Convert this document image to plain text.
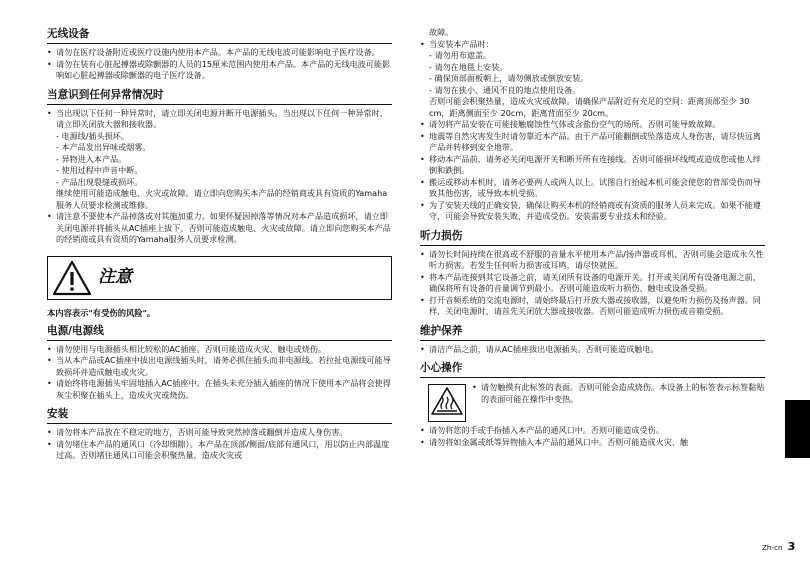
无线设备
• 请勿在医疗设备附近或医疗设施内使用本产品。本产品的无线电波可能影响电子医疗设备。
• 请勿在装有心脏起搏器或除颤器的人员的15厘米范围内使用本产品。本产品的无线电波可能影响如心脏起搏器或除颤器的电子医疗设备。
当意识到任何异常情况时
• 当出现以下任何一种异常时，请立即关闭电源并断开电源插头。当出现以下任何一种异常时，请立即关闭放大器和接收器。
- 电源线/插头损坏。
- 本产品发出异味或烟雾。
- 异物进入本产品。
- 使用过程中声音中断。
- 产品出现裂缝或损坏。
继续使用可能造成触电、火灾或故障。请立即向您购买本产品的经销商或具有资质的Yamaha服务人员要求检测或维修。
• 请注意不要使本产品掉落或对其施加重力。如果怀疑因掉落等情况对本产品造成损坏，请立即关闭电源并将插头从AC插座上拔下。否则可能造成触电、火灾或故障。请立即向您购买本产品的经销商或具有资质的Yamaha服务人员要求检测。
注意
本内容表示"有受伤的风险"。
电源/电源线
• 请勿使用与电源插头相比较松的AC插座。否则可能造成火灾、触电或烧伤。
• 当从本产品或AC插座中拔出电源线插头时，请务必抓住插头而非电源线。若拉扯电源线可能导致损坏并造成触电或火灾。
• 请始终将电源插头牢固地插入AC插座中。在插头未充分插入插座的情况下使用本产品将会使得灰尘积聚在插头上，造成火灾或烧伤。
安装
• 请勿将本产品放在不稳定的地方，否则可能导致突然掉落或翻倒并造成人身伤害。
• 请勿堵住本产品的通风口（冷却细隙）。本产品在顶部/侧面/底部有通风口，用以防止内部温度过高。否则堵住通风口可能会积聚热量，造成火灾或
故障。
• 当安装本产品时：
- 请勿用布遮盖。
- 请勿在地毯上安装。
- 确保顶部面板朝上，请勿侧放或倒放安装。
- 请勿在狭小、通风不良的地点使用设备。
否则可能会积聚热量，造成火灾或故障。请确保产品附近有充足的空间：距离顶部至少 30 cm，距离侧面至少 20cm，距离背面至少 20cm。
• 请勿将产品安装在可能接触腐蚀性气体或含盐份空气的场所。否则可能导致故障。
• 地震等自然灾害发生时请勿靠近本产品。由于产品可能翻倒或坠落造成人身伤害，请尽快远离产品并转移到安全地带。
• 移动本产品前，请务必关闭电源开关和断开所有连接线。否则可能损坏线缆或造成您或他人绊倒和跌倒。
• 搬运或移动本机时，请务必要两人或两人以上。试图自行抬起本机可能会使您的背部受伤而导致其他伤害，或导致本机受损。
• 为了安装天线的正确安装，确保让购买本机的经销商或有资质的服务人员来完成。如果不能遵守，可能会导致安装失败，并造成受伤。安装需要专业技术和经验。
听力损伤
• 请勿长时间持续在很高或不舒服的音量水平使用本产品/扬声器或耳机，否则可能会造成永久性听力损害。若发生任何听力损害或耳鸣，请尽快就医。
• 将本产品连接到其它设备之前，请关闭所有设备的电源开关。打开或关闭所有设备电源之前，确保将所有设备的音量调节到最小。否则可能造成听力损伤、触电或设备受损。
• 打开音频系统的交流电源时，请始终最后打开放大器或接收器，以避免听力损伤及扬声器。同样，关闭电源时，请首先关闭放大器或接收器。否则可能造成听力损伤或音箱受损。
维护保养
• 清洁产品之前，请从AC插座拔出电源插头。否则可能造成触电。
小心操作
• 请勿触摸有此标签的表面。否则可能会造成烧伤。本设备上的标签表示标签黏贴的表面可能在操作中变热。
• 请勿将您的手或手指插入本产品的通风口中。否则可能造成受伤。
• 请勿将如金属或纸等异物插入本产品的通风口中。否则可能造成火灾、触
Zh-cn 3
